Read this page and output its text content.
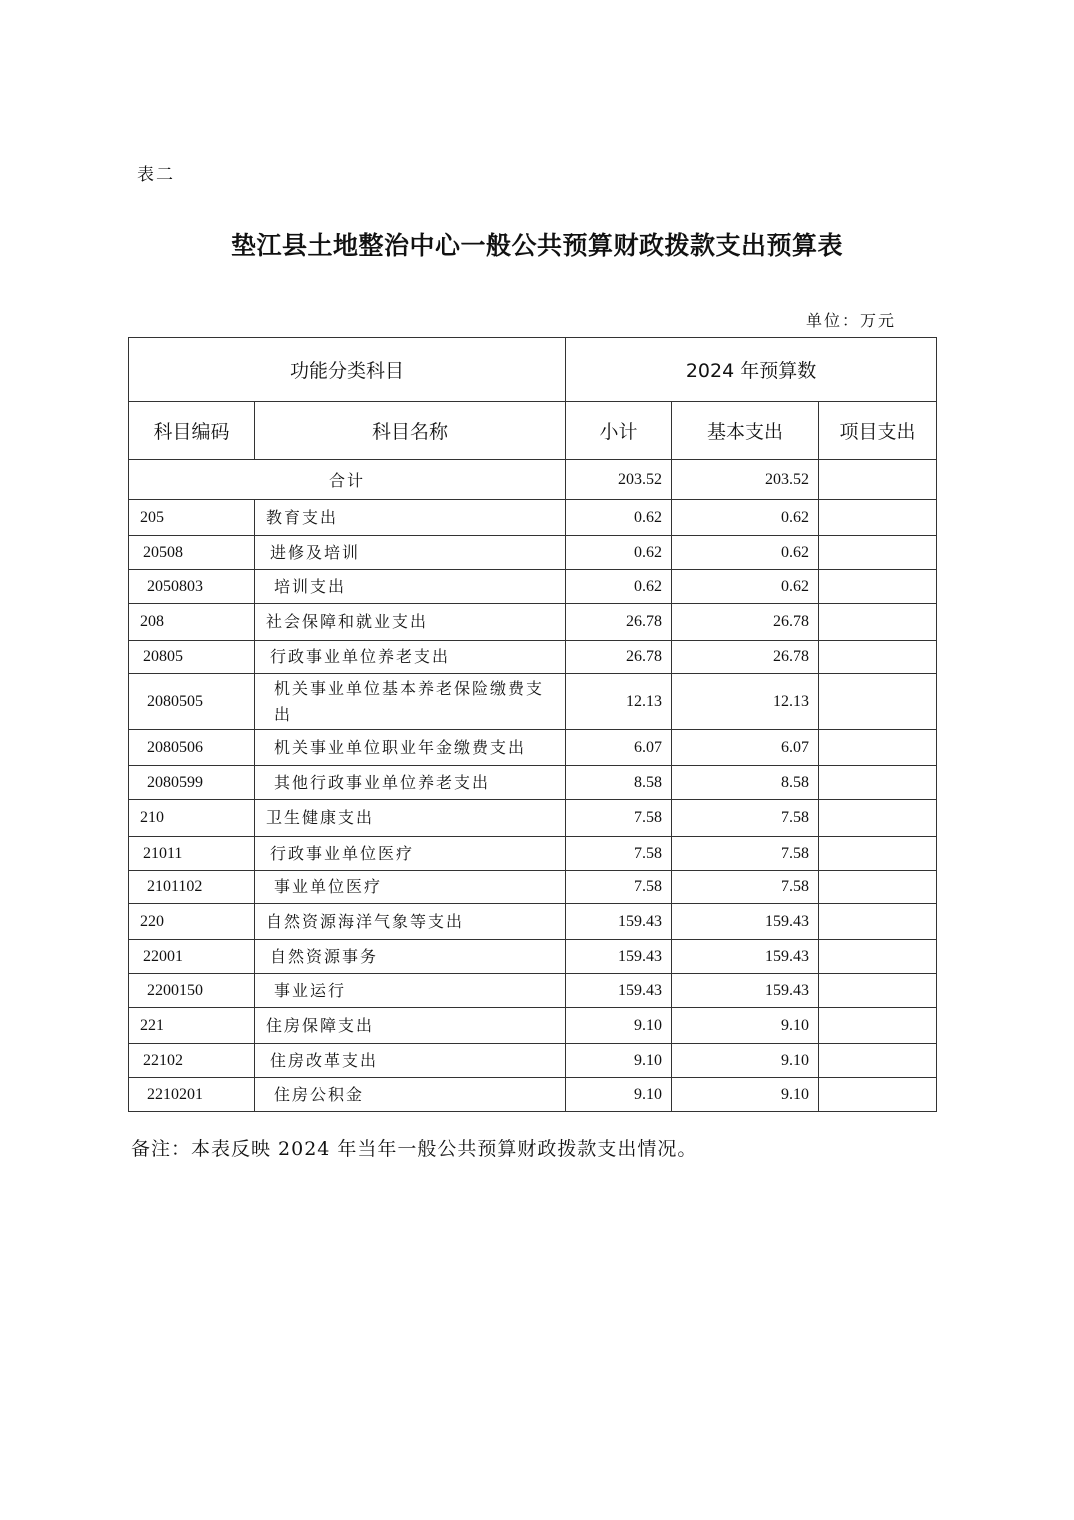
表二
垫江县土地整治中心一般公共预算财政拨款支出预算表
单位：万元
功能分类科目		2024 年预算数		
科目编码	科目名称	小计	基本支出	项目支出
合计		203.52	203.52	
205	教育支出	0.62	0.62	
20508	进修及培训	0.62	0.62	
2050803	培训支出	0.62	0.62	
208	社会保障和就业支出	26.78	26.78	
20805	行政事业单位养老支出	26.78	26.78	
2080505	机关事业单位基本养老保险缴费支出	12.13	12.13	
2080506	机关事业单位职业年金缴费支出	6.07	6.07	
2080599	其他行政事业单位养老支出	8.58	8.58	
210	卫生健康支出	7.58	7.58	
21011	行政事业单位医疗	7.58	7.58	
2101102	事业单位医疗	7.58	7.58	
220	自然资源海洋气象等支出	159.43	159.43	
22001	自然资源事务	159.43	159.43	
2200150	事业运行	159.43	159.43	
221	住房保障支出	9.10	9.10	
22102	住房改革支出	9.10	9.10	
2210201	住房公积金	9.10	9.10	
备注：本表反映 2024 年当年一般公共预算财政拨款支出情况。
